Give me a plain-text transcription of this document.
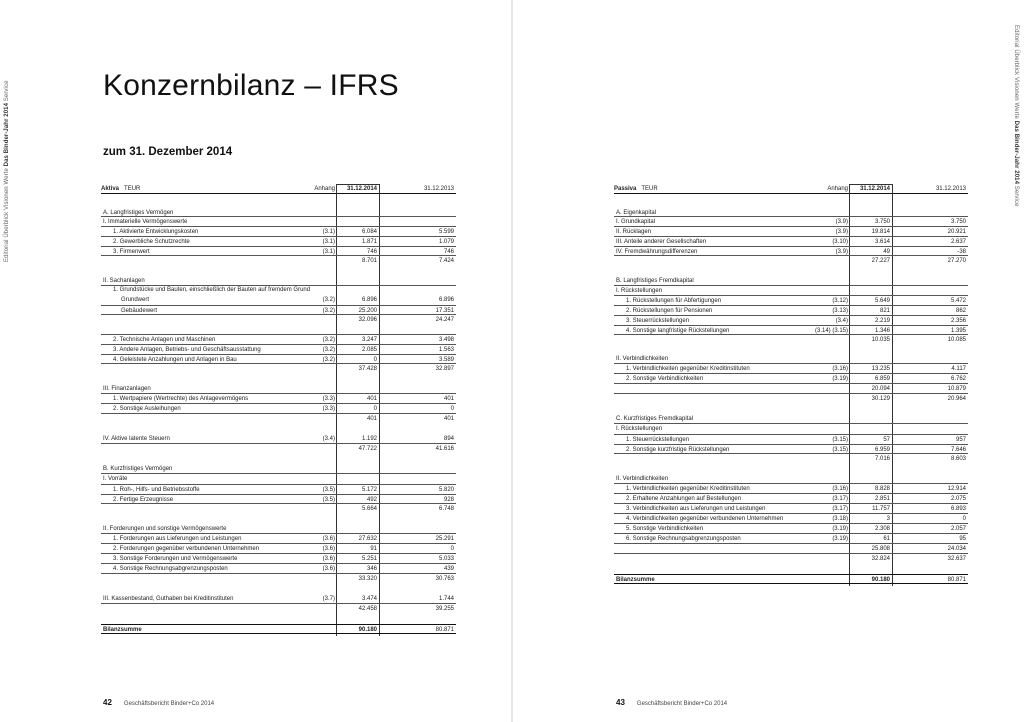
Editorial Überblick Visionen Werte Das Binder-Jahr 2014 Service	Editorial Überblick Visionen Werte Das Binder-Jahr 2014 Service
Konzernbilanz – IFRS
zum 31. Dezember 2014
Aktiva TEUR	Anhang	31.12.2014	31.12.2013
A. Langfristiges Vermögen
I. Immaterielle Vermögenswerte
1. Aktivierte Entwicklungskosten	(3.1)	6.084	5.599
2. Gewerbliche Schutzrechte	(3.1)	1.871	1.079
3. Firmenwert	(3.1)	746	746
8.701	7.424
II. Sachanlagen
1. Grundstücke und Bauten, einschließlich der Bauten auf fremdem Grund
Grundwert	(3.2)	6.896	6.896
Gebäudewert	(3.2)	25.200	17.351
32.096	24.247
2. Technische Anlagen und Maschinen	(3.2)	3.247	3.498
3. Andere Anlagen, Betriebs- und Geschäftsausstattung	(3.2)	2.085	1.563
4. Geleistete Anzahlungen und Anlagen in Bau	(3.2)	0	3.589
37.428	32.897
III. Finanzanlagen
1. Wertpapiere (Wertrechte) des Anlagevermögens	(3.3)	401	401
2. Sonstige Ausleihungen	(3.3)	0	0
401	401
IV. Aktive latente Steuern	(3.4)	1.192	894
47.722	41.616
B. Kurzfristiges Vermögen
I. Vorräte
1. Roh-, Hilfs- und Betriebsstoffe	(3.5)	5.172	5.820
2. Fertige Erzeugnisse	(3.5)	492	928
5.664	6.748
II. Forderungen und sonstige Vermögenswerte
1. Forderungen aus Lieferungen und Leistungen	(3.6)	27.632	25.291
2. Forderungen gegenüber verbundenen Unternehmen	(3.6)	91	0
3. Sonstige Forderungen und Vermögenswerte	(3.6)	5.251	5.033
4. Sonstige Rechnungsabgrenzungsposten	(3.6)	346	439
33.320	30.763
III. Kassenbestand, Guthaben bei Kreditinstituten	(3.7)	3.474	1.744
42.458	39.255
Bilanzsumme	90.180	80.871
Passiva TEUR	Anhang	31.12.2014	31.12.2013
A. Eigenkapital
I. Grundkapital	(3.9)	3.750	3.750
II. Rücklagen	(3.9)	19.814	20.921
III. Anteile anderer Gesellschaften	(3.10)	3.614	2.637
IV. Fremdwährungsdifferenzen	(3.9)	49	-38
27.227	27.270
B. Langfristiges Fremdkapital
I. Rückstellungen
1. Rückstellungen für Abfertigungen	(3.12)	5.649	5.472
2. Rückstellungen für Pensionen	(3.13)	821	862
3. Steuerrückstellungen	(3.4)	2.219	2.356
4. Sonstige langfristige Rückstellungen	(3.14) (3.15)	1.346	1.395
10.035	10.085
II. Verbindlichkeiten
1. Verbindlichkeiten gegenüber Kreditinstituten	(3.16)	13.235	4.117
2. Sonstige Verbindlichkeiten	(3.19)	6.859	6.762
20.094	10.879
30.129	20.964
C. Kurzfristiges Fremdkapital
I. Rückstellungen
1. Steuerrückstellungen	(3.15)	57	957
2. Sonstige kurzfristige Rückstellungen	(3.15)	6.959	7.646
7.016	8.603
II. Verbindlichkeiten
1. Verbindlichkeiten gegenüber Kreditinstituten	(3.16)	8.828	12.914
2. Erhaltene Anzahlungen auf Bestellungen	(3.17)	2.851	2.075
3. Verbindlichkeiten aus Lieferungen und Leistungen	(3.17)	11.757	6.893
4. Verbindlichkeiten gegenüber verbundenen Unternehmen	(3.18)	3	0
5. Sonstige Verbindlichkeiten	(3.19)	2.308	2.057
6. Sonstige Rechnungsabgrenzungsposten	(3.19)	61	95
25.808	24.034
32.824	32.637
Bilanzsumme	90.180	80.871
42 Geschäftsbericht Binder+Co 2014	43 Geschäftsbericht Binder+Co 2014
